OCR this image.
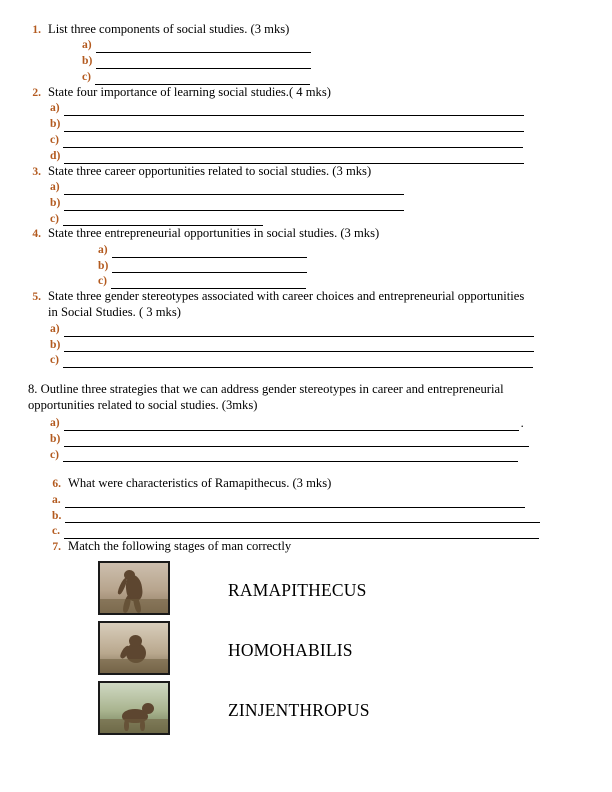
1. List three components of social studies. (3 mks)
a)
b)
c)
2. State four importance of learning social studies.( 4 mks)
a)
b)
c)
d)
3. State three career opportunities related to social studies. (3 mks)
a)
b)
c)
4. State three entrepreneurial opportunities in social studies. (3 mks)
a)
b)
c)
5. State three gender stereotypes associated with career choices and entrepreneurial opportunities
in Social Studies. ( 3 mks)
a)
b)
c)
8. Outline three strategies that we can address gender stereotypes in career and entrepreneurial
opportunities related to social studies. (3mks)
a)	.
b)
c)
6. What were characteristics of Ramapithecus. (3 mks)
a.
b.
c.
7. Match the following stages of man correctly
RAMAPITHECUS
HOMOHABILIS
ZINJENTHROPUS
